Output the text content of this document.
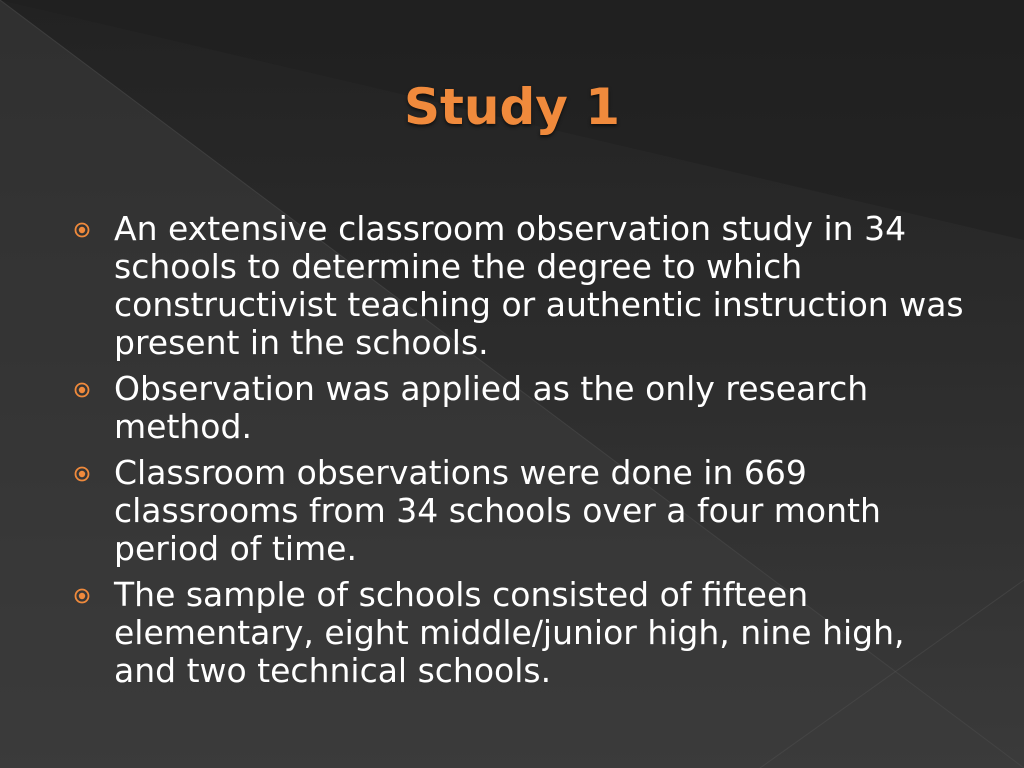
Study 1
An extensive classroom observation study in 34 schools to determine the degree to which constructivist teaching or authentic instruction was present in the schools.
Observation was applied as the only research method.
Classroom observations were done in 669 classrooms from 34 schools over a four month period of time.
The sample of schools consisted of fifteen elementary, eight middle/junior high, nine high, and two technical schools.
